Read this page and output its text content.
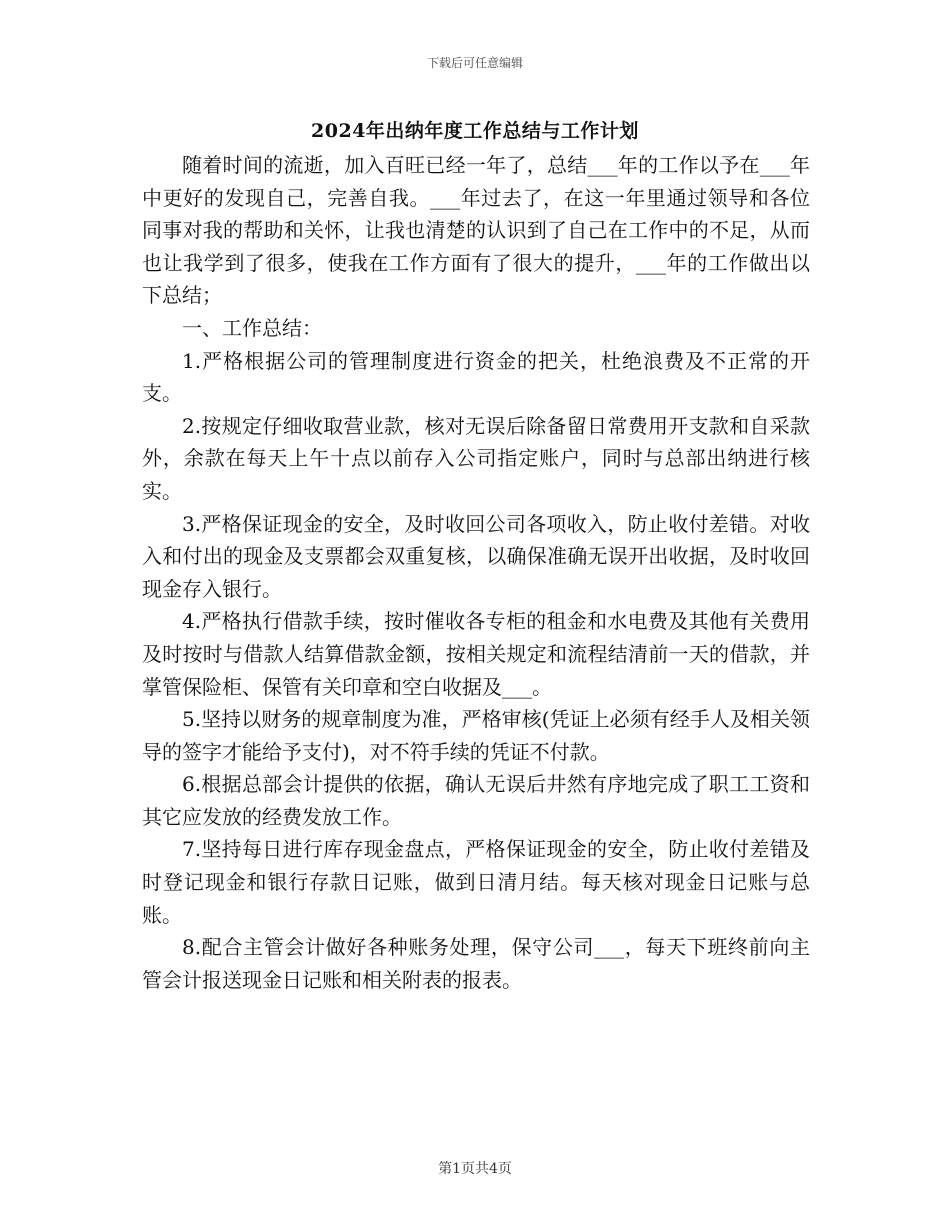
下载后可任意编辑
2024年出纳年度工作总结与工作计划

随着时间的流逝，加入百旺已经一年了，总结___年的工作以予在___年中更好的发现自己，完善自我。___年过去了，在这一年里通过领导和各位同事对我的帮助和关怀，让我也清楚的认识到了自己在工作中的不足，从而也让我学到了很多，使我在工作方面有了很大的提升，___年的工作做出以下总结；

一、工作总结：

1.严格根据公司的管理制度进行资金的把关，杜绝浪费及不正常的开支。

2.按规定仔细收取营业款，核对无误后除备留日常费用开支款和自采款外，余款在每天上午十点以前存入公司指定账户，同时与总部出纳进行核实。

3.严格保证现金的安全，及时收回公司各项收入，防止收付差错。对收入和付出的现金及支票都会双重复核，以确保准确无误开出收据，及时收回现金存入银行。

4.严格执行借款手续，按时催收各专柜的租金和水电费及其他有关费用及时按时与借款人结算借款金额，按相关规定和流程结清前一天的借款，并掌管保险柜、保管有关印章和空白收据及___。

5.坚持以财务的规章制度为准，严格审核(凭证上必须有经手人及相关领导的签字才能给予支付)，对不符手续的凭证不付款。

6.根据总部会计提供的依据，确认无误后井然有序地完成了职工工资和其它应发放的经费发放工作。

7.坚持每日进行库存现金盘点，严格保证现金的安全，防止收付差错及时登记现金和银行存款日记账，做到日清月结。每天核对现金日记账与总账。

8.配合主管会计做好各种账务处理，保守公司___，每天下班终前向主管会计报送现金日记账和相关附表的报表。

第1页共4页
